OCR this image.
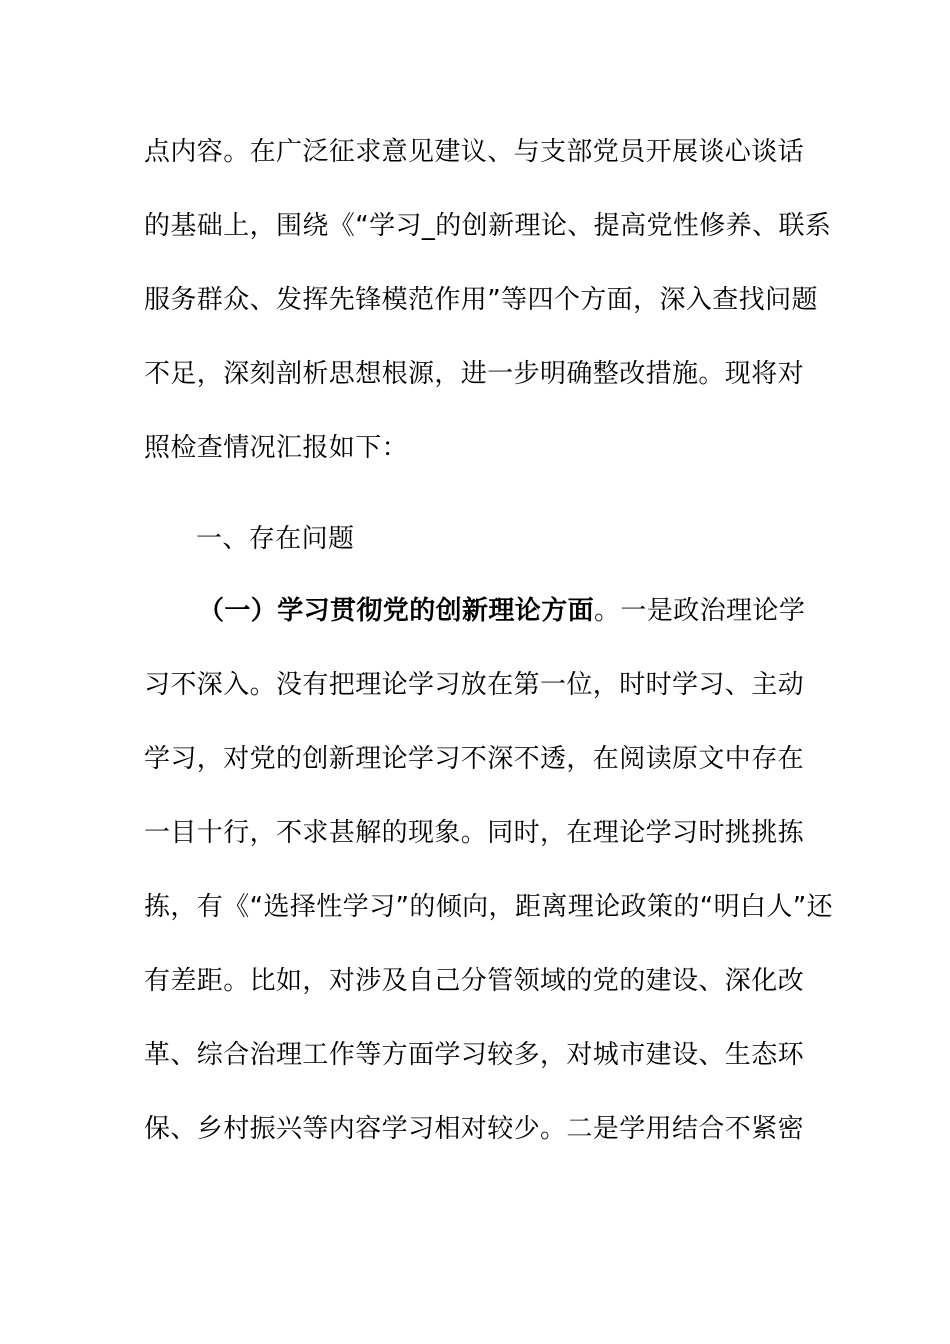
点内容。在广泛征求意见建议、与支部党员开展谈心谈话
的基础上，围绕《“学习_的创新理论、提高党性修养、联系
服务群众、发挥先锋模范作用”等四个方面，深入查找问题
不足，深刻剖析思想根源，进一步明确整改措施。现将对
照检查情况汇报如下：
一、存在问题
（一）学习贯彻党的创新理论方面。一是政治理论学
习不深入。没有把理论学习放在第一位，时时学习、主动
学习，对党的创新理论学习不深不透，在阅读原文中存在
一目十行，不求甚解的现象。同时，在理论学习时挑挑拣
拣，有《“选择性学习”的倾向，距离理论政策的“明白人”还
有差距。比如，对涉及自己分管领域的党的建设、深化改
革、综合治理工作等方面学习较多，对城市建设、生态环
保、乡村振兴等内容学习相对较少。二是学用结合不紧密
